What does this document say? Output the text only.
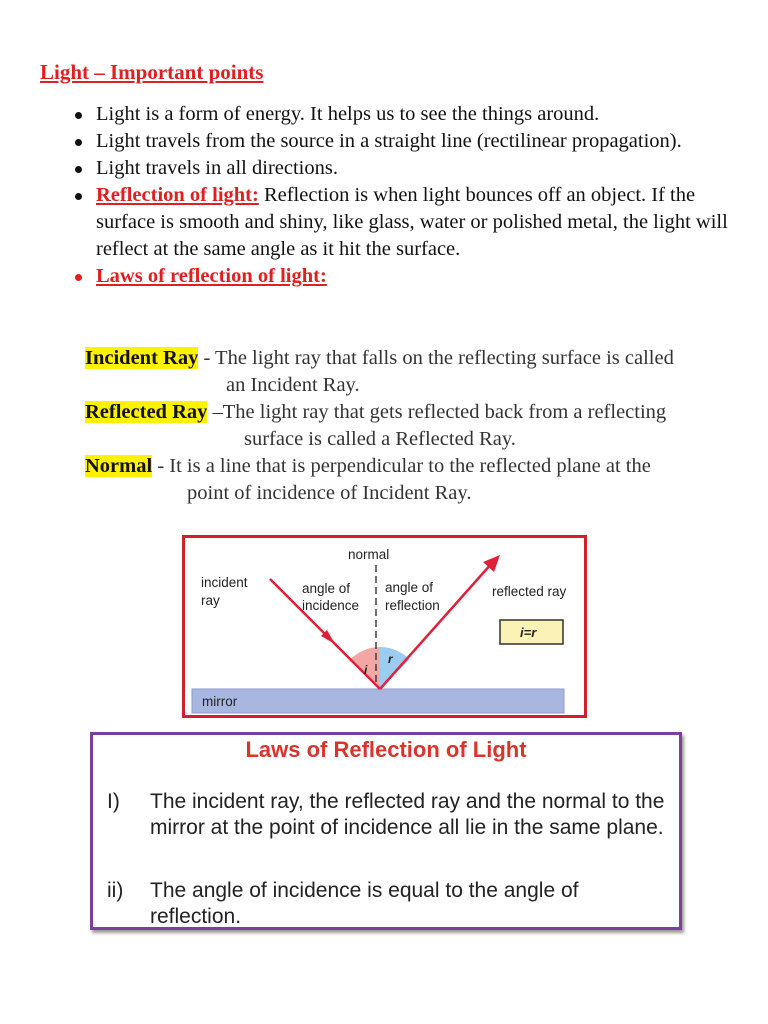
Light – Important points
Light is a form of energy. It helps us to see the things around.
Light travels from the source in a straight line (rectilinear propagation).
Light travels in all directions.
Reflection of light: Reflection is when light bounces off an object. If the surface is smooth and shiny, like glass, water or polished metal, the light will reflect at the same angle as it hit the surface.
Laws of reflection of light:
Incident Ray - The light ray that falls on the reflecting surface is called
an Incident Ray.
Reflected Ray –The light ray that gets reflected back from a reflecting
surface is called a Reflected Ray.
Normal - It is a line that is perpendicular to the reflected plane at the
point of incidence of Incident Ray.
normal
incident
ray
angle of
incidence
angle of
reflection
reflected ray
i
r
i=r
mirror
Laws of Reflection of Light
I) The incident ray, the reflected ray and the normal to the mirror at the point of incidence all lie in the same plane.
ii) The angle of incidence is equal to the angle of reflection.
